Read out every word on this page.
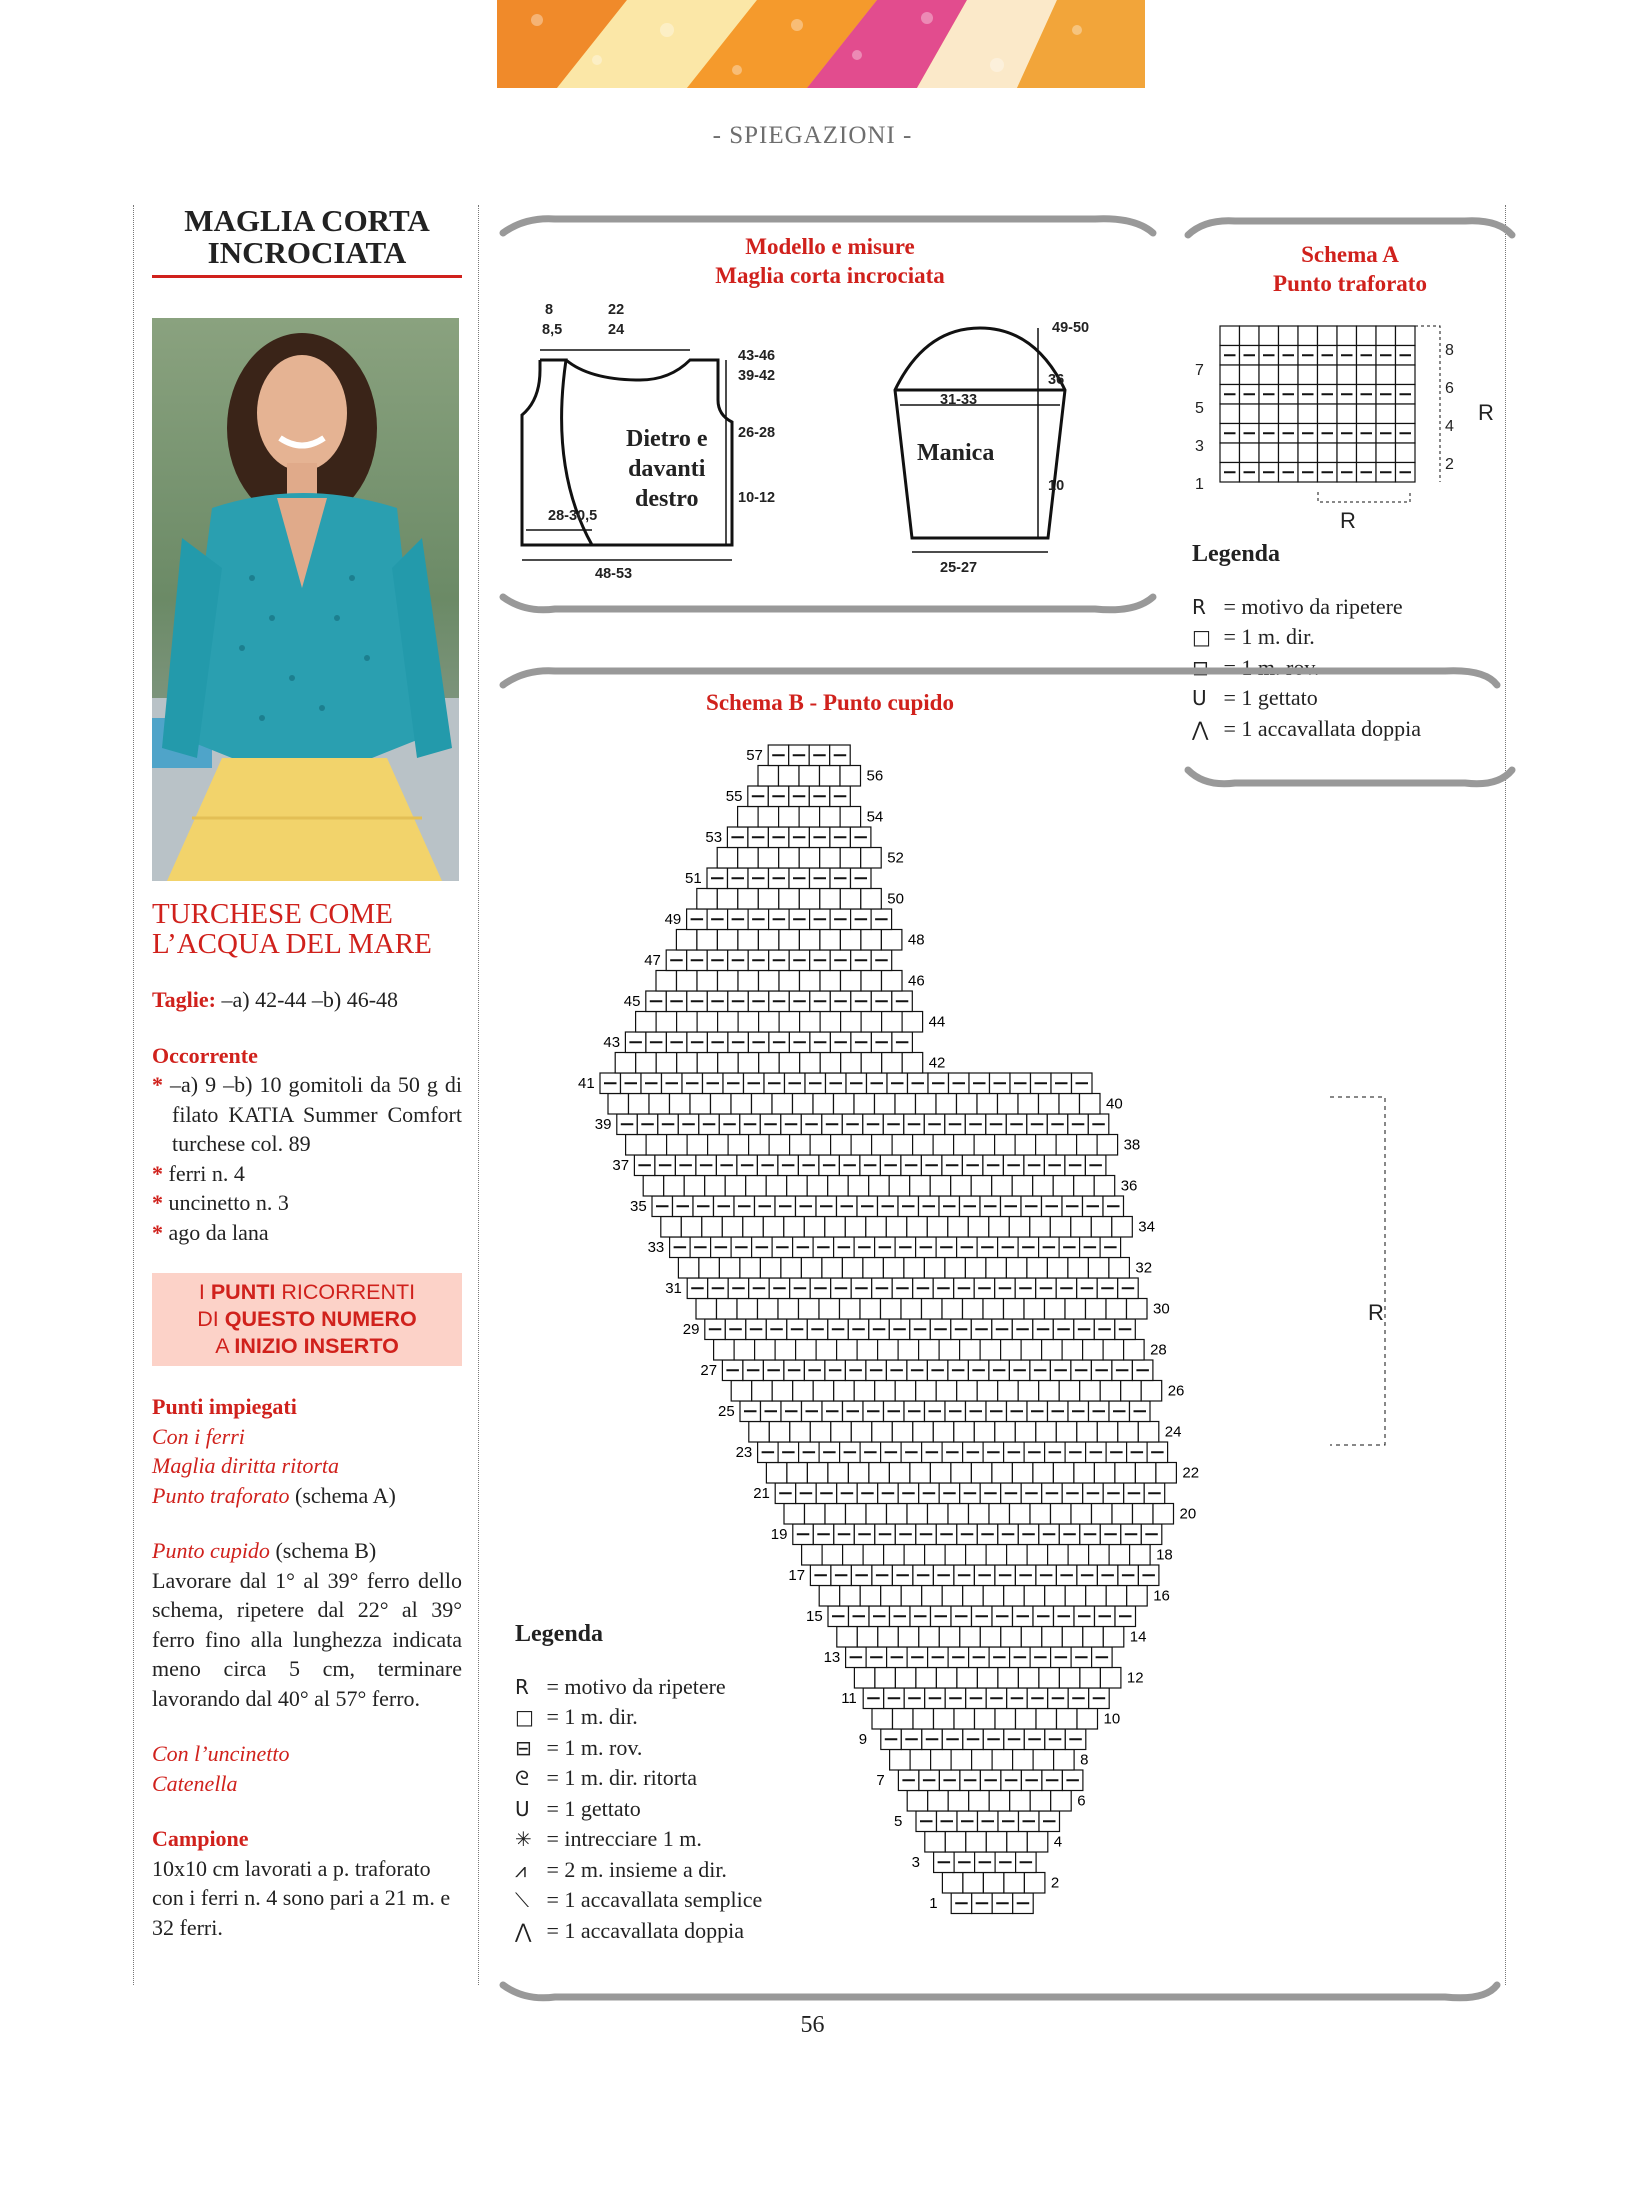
- SPIEGAZIONI -
MAGLIA CORTA
INCROCIATA
TURCHESE COME
L’ACQUA DEL MARE
Taglie: –a) 42-44 –b) 46-48
Occorrente
* –a) 9 –b) 10 gomitoli da 50 g di filato KATIA Summer Comfort turchese col. 89
* ferri n. 4
* uncinetto n. 3
* ago da lana
I PUNTI RICORRENTI
DI QUESTO NUMERO
A INIZIO INSERTO
Punti impiegati
Con i ferri
Maglia diritta ritorta
Punto traforato (schema A)
Punto cupido (schema B)
Lavorare dal 1° al 39° ferro dello schema, ripetere dal 22° al 39° ferro fino alla lunghezza indicata meno circa 5 cm, terminare lavorando dal 40° al 57° ferro.
Con l’uncinetto
Catenella
Campione
10x10 cm lavorati a p. traforato con i ferri n. 4 sono pari a 21 m. e 32 ferri.
Modello e misure
Maglia corta incrociata
8
8,5
22
24
43-46
39-42
26-28
10-12
28-30,5
48-53
Dietro e
davanti
destro
Manica
49-50
36
31-33
10
25-27
Schema A
Punto traforato
7
5
3
1
8
6
4
2
R
R
Legenda
R = motivo da ripetere
□ = 1 m. dir.
⊟ = 1 m. rov.
U = 1 gettato
⋀ = 1 accavallata doppia
Schema B - Punto cupido
1
2
3
4
5
6
7
8
9
10
11
12
13
14
15
16
17
18
19
20
21
22
23
24
25
26
27
28
29
30
31
32
33
34
35
36
37
38
39
40
41
42
43
44
45
46
47
48
49
50
51
52
53
54
55
56
57
R
Legenda
R = motivo da ripetere
□ = 1 m. dir.
⊟ = 1 m. rov.
ᘓ = 1 m. dir. ritorta
U = 1 gettato
✳ = intrecciare 1 m.
⩘ = 2 m. insieme a dir.
⟍ = 1 accavallata semplice
⋀ = 1 accavallata doppia
56
